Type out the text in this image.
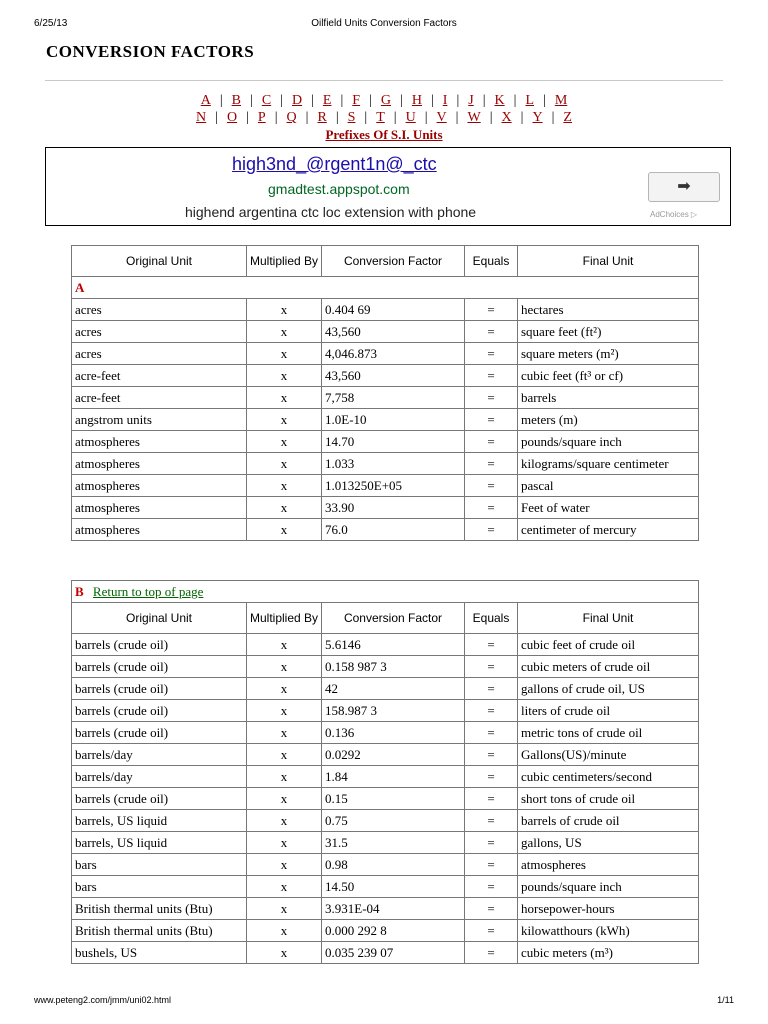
6/25/13	Oilfield Units Conversion Factors
CONVERSION FACTORS
A | B | C | D | E | F | G | H | I | J | K | L | M
N | O | P | Q | R | S | T | U | V | W | X | Y | Z
Prefixes Of S.I. Units
high3nd_@rgent1n@_ctc
gmadtest.appspot.com
highend argentina ctc loc extension with phone
➡
AdChoices ▷
Original Unit	Multiplied By	Conversion Factor	Equals	Final Unit
A				
acres	x	0.404 69	=	hectares
acres	x	43,560	=	square feet (ft²)
acres	x	4,046.873	=	square meters (m²)
acre-feet	x	43,560	=	cubic feet (ft³ or cf)
acre-feet	x	7,758	=	barrels
angstrom units	x	1.0E-10	=	meters (m)
atmospheres	x	14.70	=	pounds/square inch
atmospheres	x	1.033	=	kilograms/square centimeter
atmospheres	x	1.013250E+05	=	pascal
atmospheres	x	33.90	=	Feet of water
atmospheres	x	76.0	=	centimeter of mercury
B Return to top of page				
Original Unit	Multiplied By	Conversion Factor	Equals	Final Unit
barrels (crude oil)	x	5.6146	=	cubic feet of crude oil
barrels (crude oil)	x	0.158 987 3	=	cubic meters of crude oil
barrels (crude oil)	x	42	=	gallons of crude oil, US
barrels (crude oil)	x	158.987 3	=	liters of crude oil
barrels (crude oil)	x	0.136	=	metric tons of crude oil
barrels/day	x	0.0292	=	Gallons(US)/minute
barrels/day	x	1.84	=	cubic centimeters/second
barrels (crude oil)	x	0.15	=	short tons of crude oil
barrels, US liquid	x	0.75	=	barrels of crude oil
barrels, US liquid	x	31.5	=	gallons, US
bars	x	0.98	=	atmospheres
bars	x	14.50	=	pounds/square inch
British thermal units (Btu)	x	3.931E-04	=	horsepower-hours
British thermal units (Btu)	x	0.000 292 8	=	kilowatthours (kWh)
bushels, US	x	0.035 239 07	=	cubic meters (m³)
www.peteng2.com/jmm/uni02.html	1/11
